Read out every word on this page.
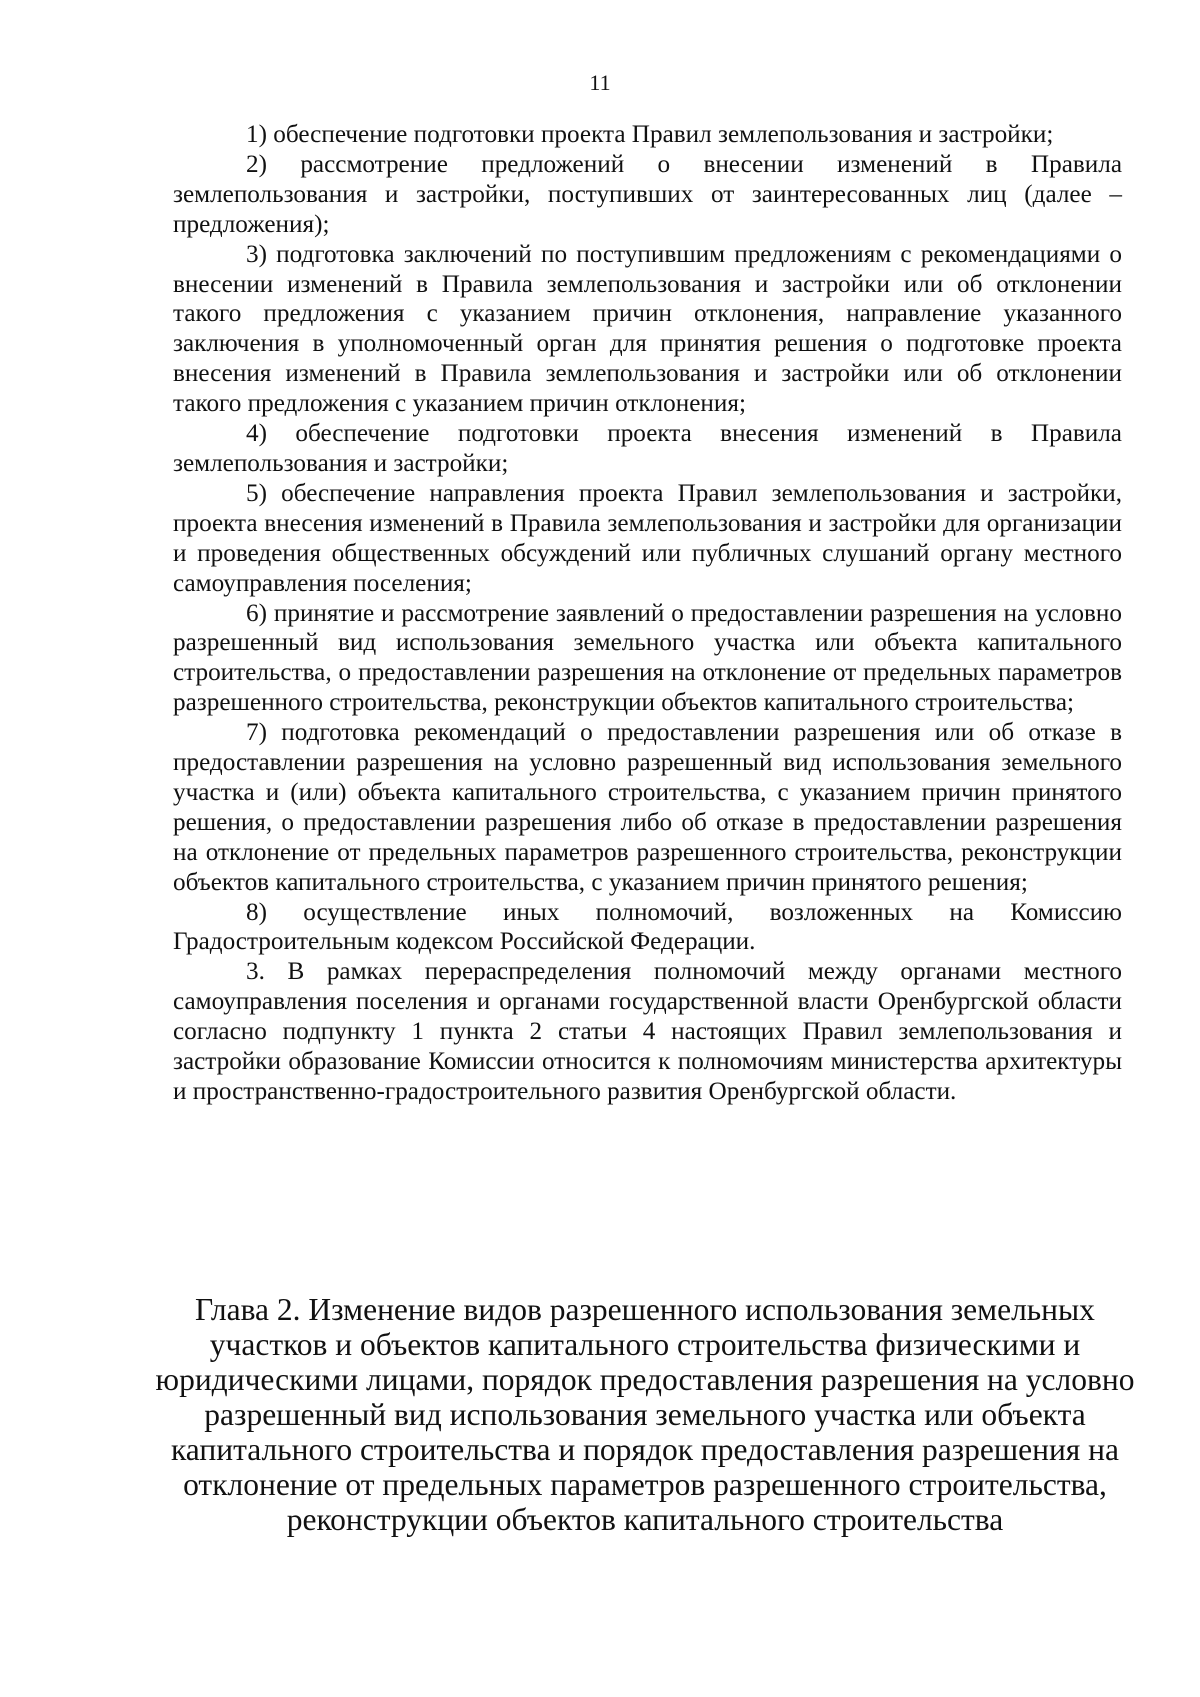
11

1) обеспечение подготовки проекта Правил землепользования и застройки;

2) рассмотрение предложений о внесении изменений в Правила землепользования и застройки, поступивших от заинтересованных лиц (далее – предложения);

3) подготовка заключений по поступившим предложениям с рекомендациями о внесении изменений в Правила землепользования и застройки или об отклонении такого предложения с указанием причин отклонения, направление указанного заключения в уполномоченный орган для принятия решения о подготовке проекта внесения изменений в Правила землепользования и застройки или об отклонении такого предложения с указанием причин отклонения;

4) обеспечение подготовки проекта внесения изменений в Правила землепользования и застройки;

5) обеспечение направления проекта Правил землепользования и застройки, проекта внесения изменений в Правила землепользования и застройки для организации и проведения общественных обсуждений или публичных слушаний органу местного самоуправления поселения;

6) принятие и рассмотрение заявлений о предоставлении разрешения на условно разрешенный вид использования земельного участка или объекта капитального строительства, о предоставлении разрешения на отклонение от предельных параметров разрешенного строительства, реконструкции объектов капитального строительства;

7) подготовка рекомендаций о предоставлении разрешения или об отказе в предоставлении разрешения на условно разрешенный вид использования земельного участка и (или) объекта капитального строительства, с указанием причин принятого решения, о предоставлении разрешения либо об отказе в предоставлении разрешения на отклонение от предельных параметров разрешенного строительства, реконструкции объектов капитального строительства, с указанием причин принятого решения;

8) осуществление иных полномочий, возложенных на Комиссию Градостроительным кодексом Российской Федерации.

3. В рамках перераспределения полномочий между органами местного самоуправления поселения и органами государственной власти Оренбургской области согласно подпункту 1 пункта 2 статьи 4 настоящих Правил землепользования и застройки образование Комиссии относится к полномочиям министерства архитектуры и пространственно-градостроительного развития Оренбургской области.

Глава 2. Изменение видов разрешенного использования земельных участков и объектов капитального строительства физическими и юридическими лицами, порядок предоставления разрешения на условно разрешенный вид использования земельного участка или объекта капитального строительства и порядок предоставления разрешения на отклонение от предельных параметров разрешенного строительства, реконструкции объектов капитального строительства
